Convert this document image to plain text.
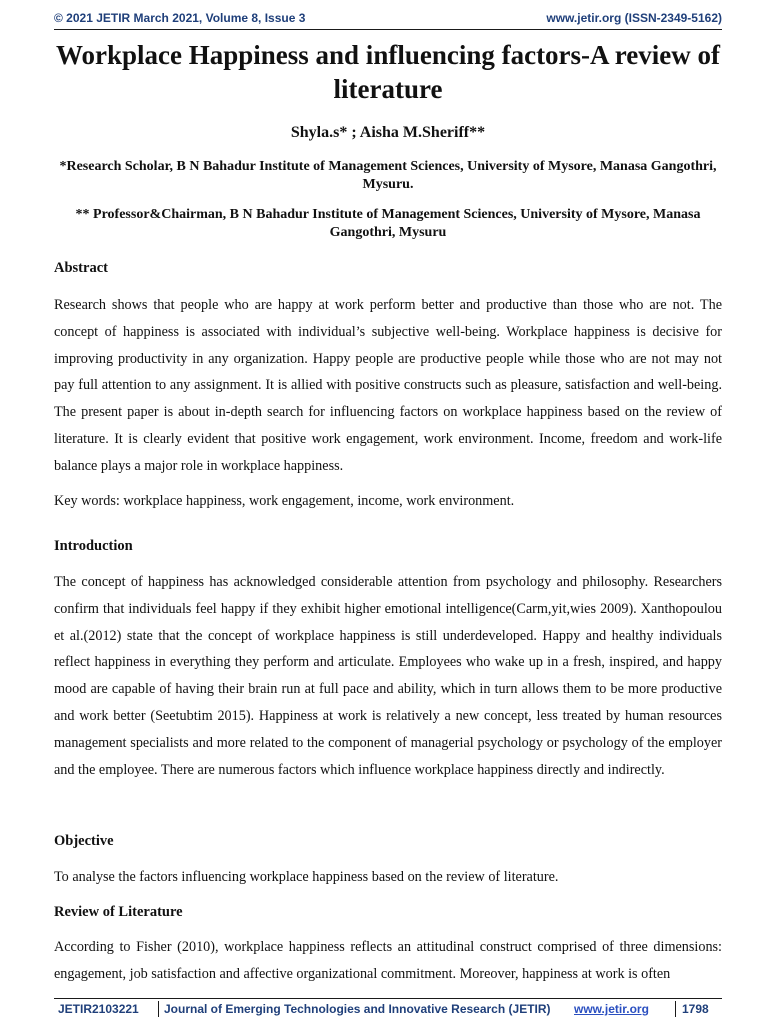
© 2021 JETIR March 2021, Volume 8, Issue 3	www.jetir.org (ISSN-2349-5162)
Workplace Happiness and influencing factors-A review of literature
Shyla.s* ; Aisha M.Sheriff**
*Research Scholar, B N Bahadur Institute of Management Sciences, University of Mysore, Manasa Gangothri, Mysuru.
** Professor&Chairman, B N Bahadur Institute of Management Sciences, University of Mysore, Manasa Gangothri, Mysuru
Abstract

Research shows that people who are happy at work perform better and productive than those who are not. The concept of happiness is associated with individual’s subjective well-being. Workplace happiness is decisive for improving productivity in any organization. Happy people are productive people while those who are not may not pay full attention to any assignment. It is allied with positive constructs such as pleasure, satisfaction and well-being. The present paper is about in-depth search for influencing factors on workplace happiness based on the review of literature. It is clearly evident that positive work engagement, work environment. Income, freedom and work-life balance plays a major role in workplace happiness.

Key words: workplace happiness, work engagement, income, work environment.
Introduction

The concept of happiness has acknowledged considerable attention from psychology and philosophy. Researchers confirm that individuals feel happy if they exhibit higher emotional intelligence(Carm,yit,wies 2009). Xanthopoulou et al.(2012) state that the concept of workplace happiness is still underdeveloped. Happy and healthy individuals reflect happiness in everything they perform and articulate. Employees who wake up in a fresh, inspired, and happy mood are capable of having their brain run at full pace and ability, which in turn allows them to be more productive and work better (Seetubtim 2015). Happiness at work is relatively a new concept, less treated by human resources management specialists and more related to the component of managerial psychology or psychology of the employer and the employee. There are numerous factors which influence workplace happiness directly and indirectly.

Objective
To analyse the factors influencing workplace happiness based on the review of literature.
Review of Literature

According to Fisher (2010), workplace happiness reflects an attitudinal construct comprised of three dimensions: engagement, job satisfaction and affective organizational commitment. Moreover, happiness at work is often

JETIR2103221 Journal of Emerging Technologies and Innovative Research (JETIR) www.jetir.org	1798
